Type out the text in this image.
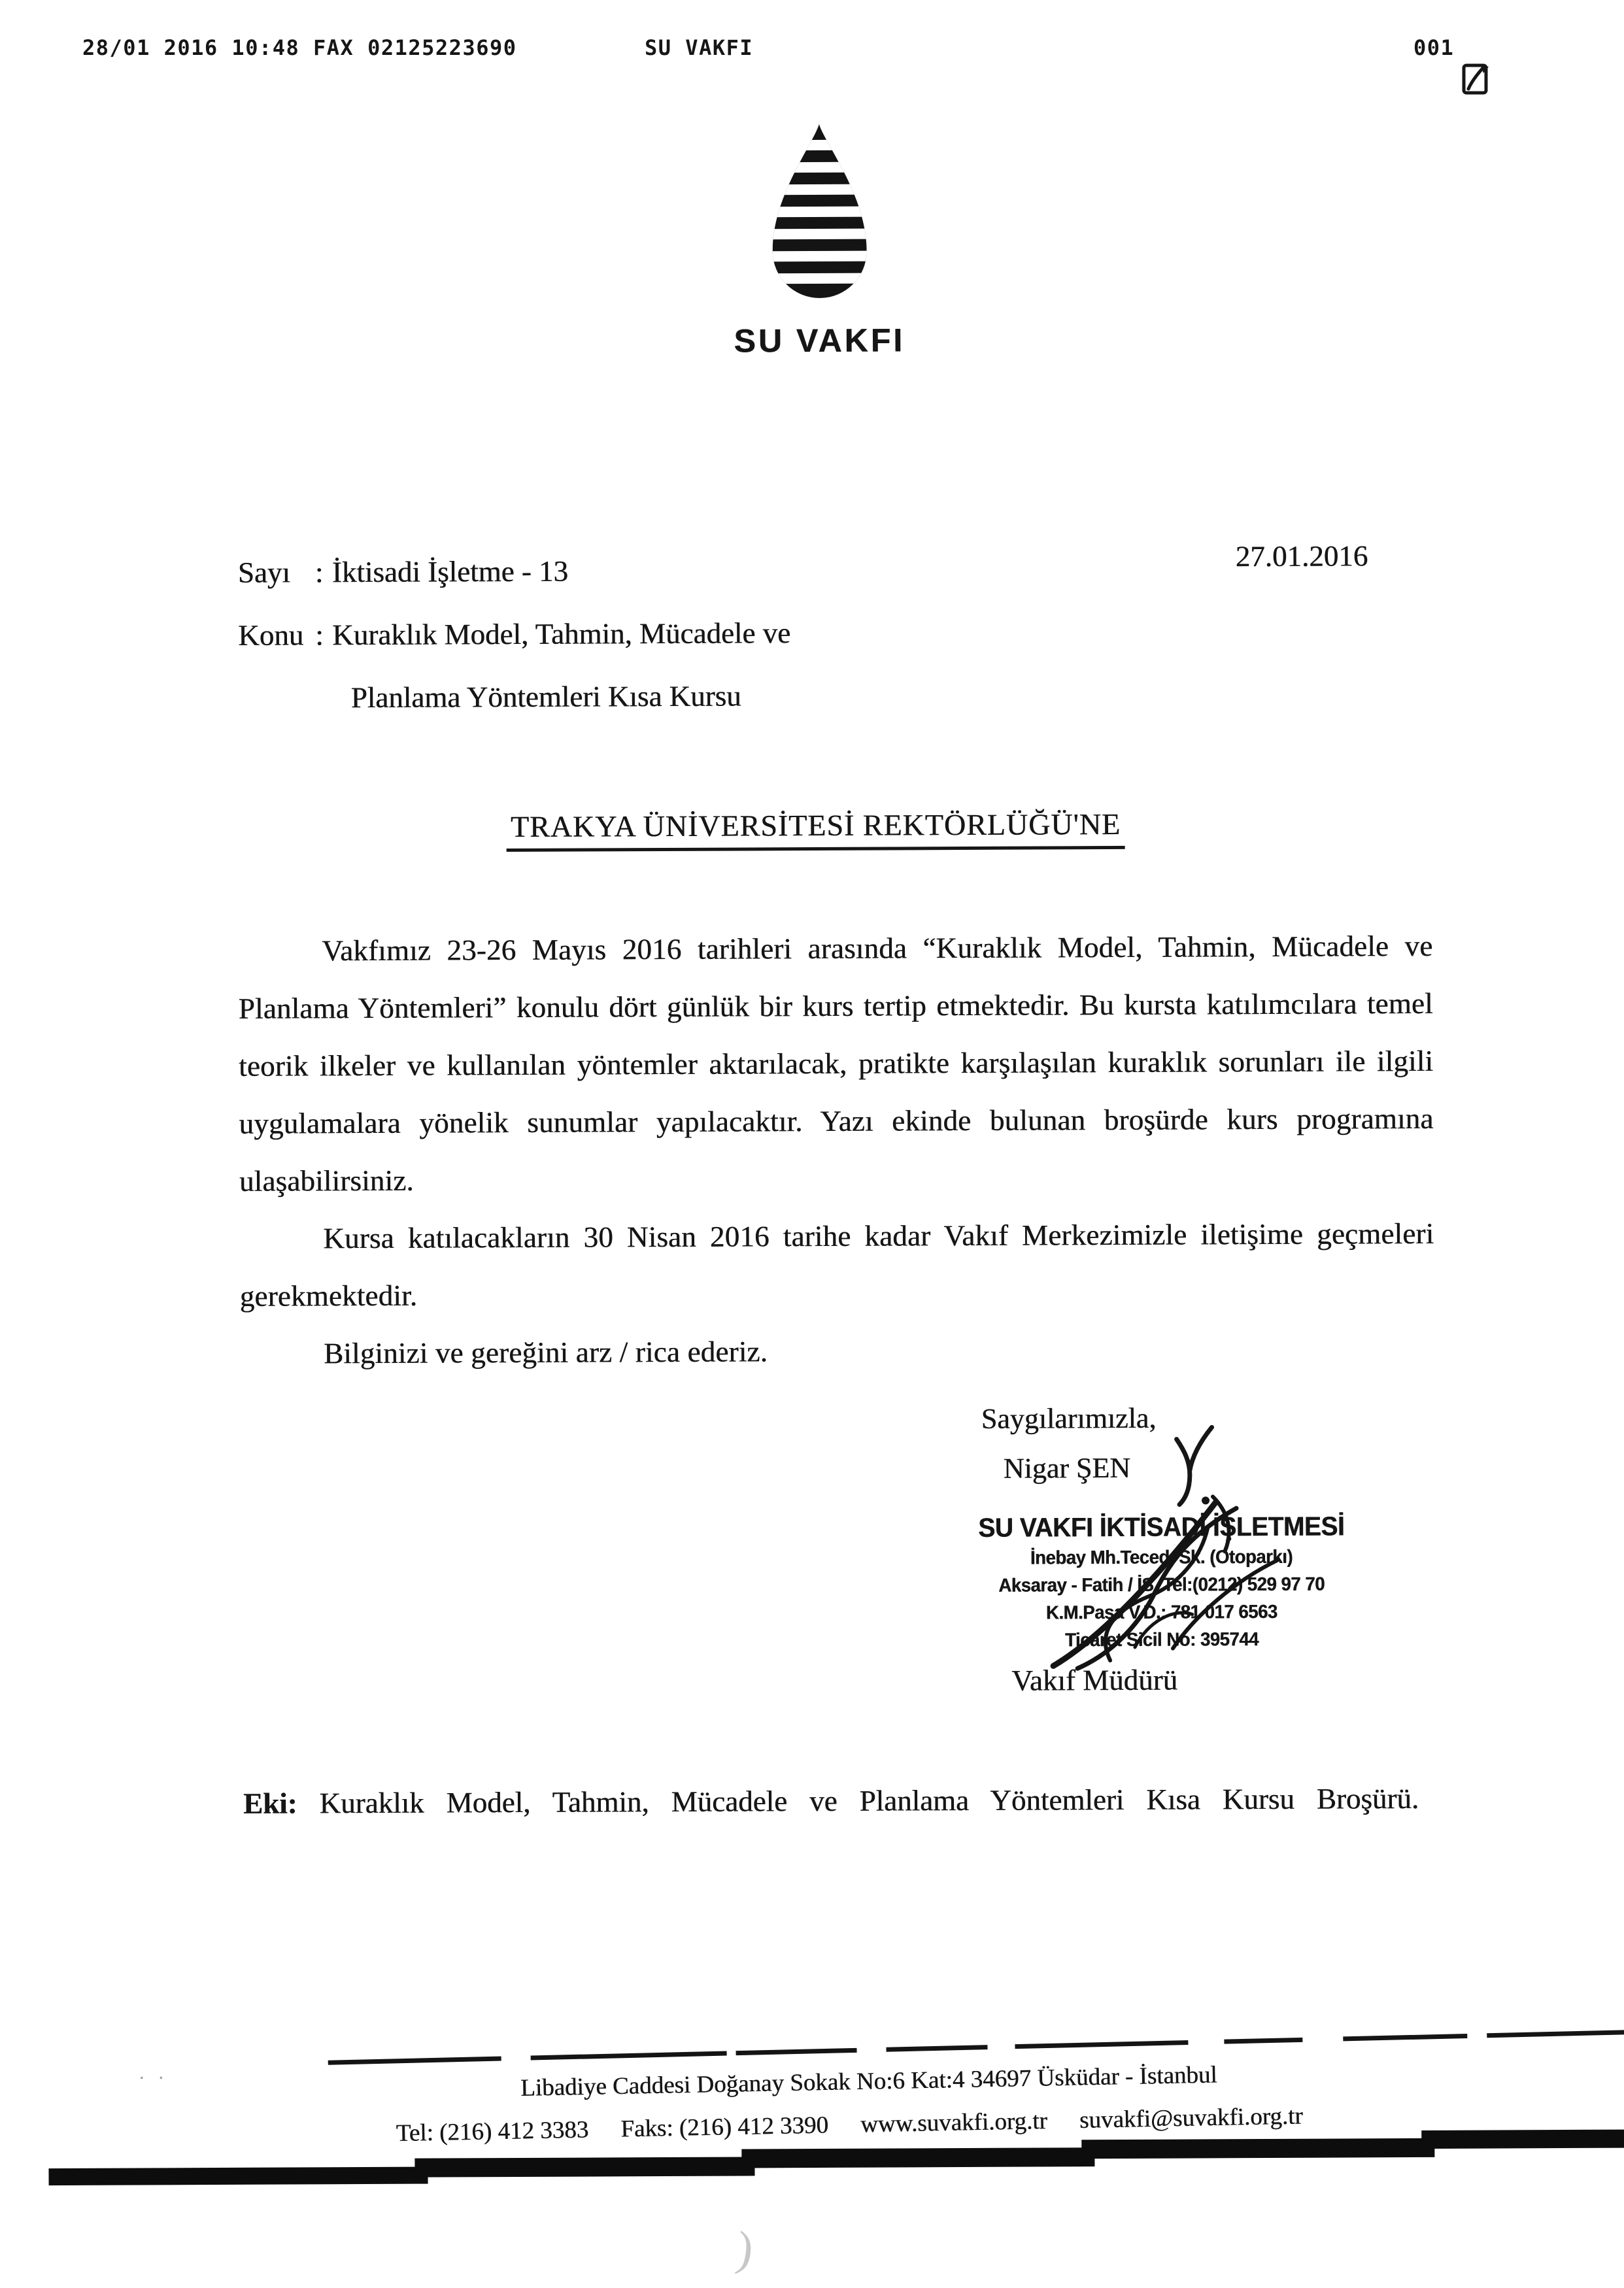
28/01 2016 10:48 FAX 02125223690	SU VAKFI

	001
SU VAKFI
Sayı : İktisadi İşletme - 13
Konu : Kuraklık Model, Tahmin, Mücadele ve
Planlama Yöntemleri Kısa Kursu
27.01.2016
TRAKYA ÜNİVERSİTESİ REKTÖRLÜĞÜ'NE

Vakfımız 23-26 Mayıs 2016 tarihleri arasında “Kuraklık Model, Tahmin, Mücadele ve Planlama Yöntemleri” konulu dört günlük bir kurs tertip etmektedir. Bu kursta katılımcılara temel teorik ilkeler ve kullanılan yöntemler aktarılacak, pratikte karşılaşılan kuraklık sorunları ile ilgili uygulamalara yönelik sunumlar yapılacaktır. Yazı ekinde bulunan broşürde kurs programına ulaşabilirsiniz.

Kursa katılacakların 30 Nisan 2016 tarihe kadar Vakıf Merkezimizle iletişime geçmeleri gerekmektedir.

Bilginizi ve gereğini arz / rica ederiz.

Saygılarımızla,
Nigar ŞEN
SU VAKFI İKTİSADİ İŞLETMESİ
İnebay Mh.Teced. Sk. (Otoparkı)
Aksaray - Fatih / İS. Tel:(0212) 529 97 70
K.M.Paşa V.D.: 781 017 6563
Ticaret Sicil No: 395744
Vakıf Müdürü
Eki: Kuraklık Model, Tahmin, Mücadele ve Planlama Yöntemleri Kısa Kursu Broşürü.
Libadiye Caddesi Doğanay Sokak No:6 Kat:4 34697 Üsküdar - İstanbul
Tel: (216) 412 3383 Faks: (216) 412 3390 www.suvakfi.org.tr suvakfi@suvakfi.org.tr
· ·
)
